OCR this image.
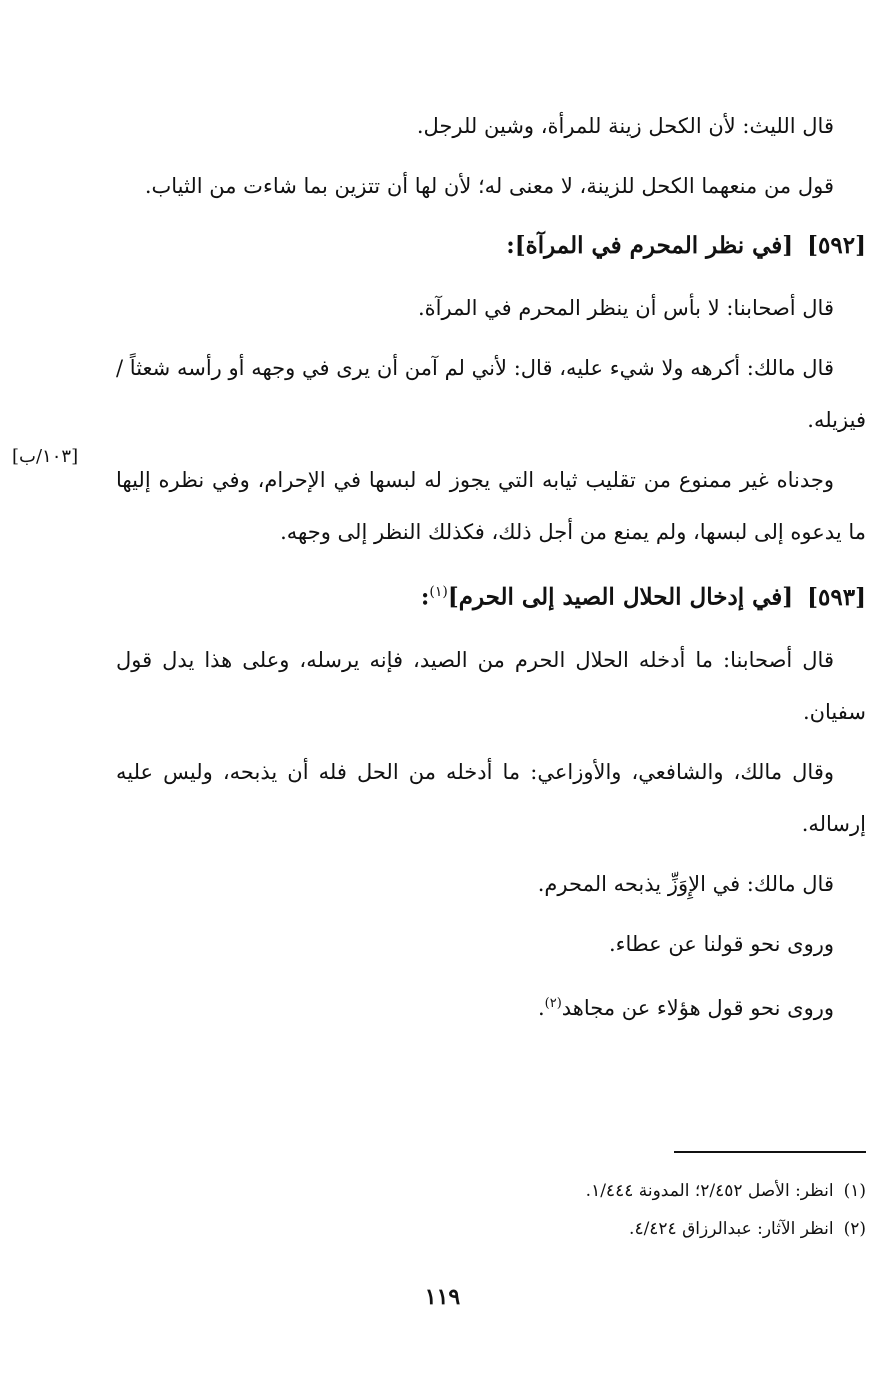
قال الليث: لأن الكحل زينة للمرأة، وشين للرجل.

قول من منعهما الكحل للزينة، لا معنى له؛ لأن لها أن تتزين بما شاءت من الثياب.

[٥٩٢][في نظر المحرم في المرآة]:

قال أصحابنا: لا بأس أن ينظر المحرم في المرآة.

قال مالك: أكرهه ولا شيء عليه، قال: لأني لم آمن أن يرى في وجهه أو رأسه شعثاً / فيزيله.

وجدناه غير ممنوع من تقليب ثيابه التي يجوز له لبسها في الإحرام، وفي نظره إليها ما يدعوه إلى لبسها، ولم يمنع من أجل ذلك، فكذلك النظر إلى وجهه.

[٥٩٣][في إدخال الحلال الصيد إلى الحرم]$^{(١)}$:

قال أصحابنا: ما أدخله الحلال الحرم من الصيد، فإنه يرسله، وعلى هذا يدل قول سفيان.

وقال مالك، والشافعي، والأوزاعي: ما أدخله من الحل فله أن يذبحه، وليس عليه إرساله.

قال مالك: في الإِوَزِّ يذبحه المحرم.

وروى نحو قولنا عن عطاء.

وروى نحو قول هؤلاء عن مجاهد$^{(٢)}$.

[١٠٣/ب]
(١)انظر: الأصل ٢/٤٥٢؛ المدونة ١/٤٤٤.
(٢)انظر الآثار: عبدالرزاق ٤/٤٢٤.
١١٩
